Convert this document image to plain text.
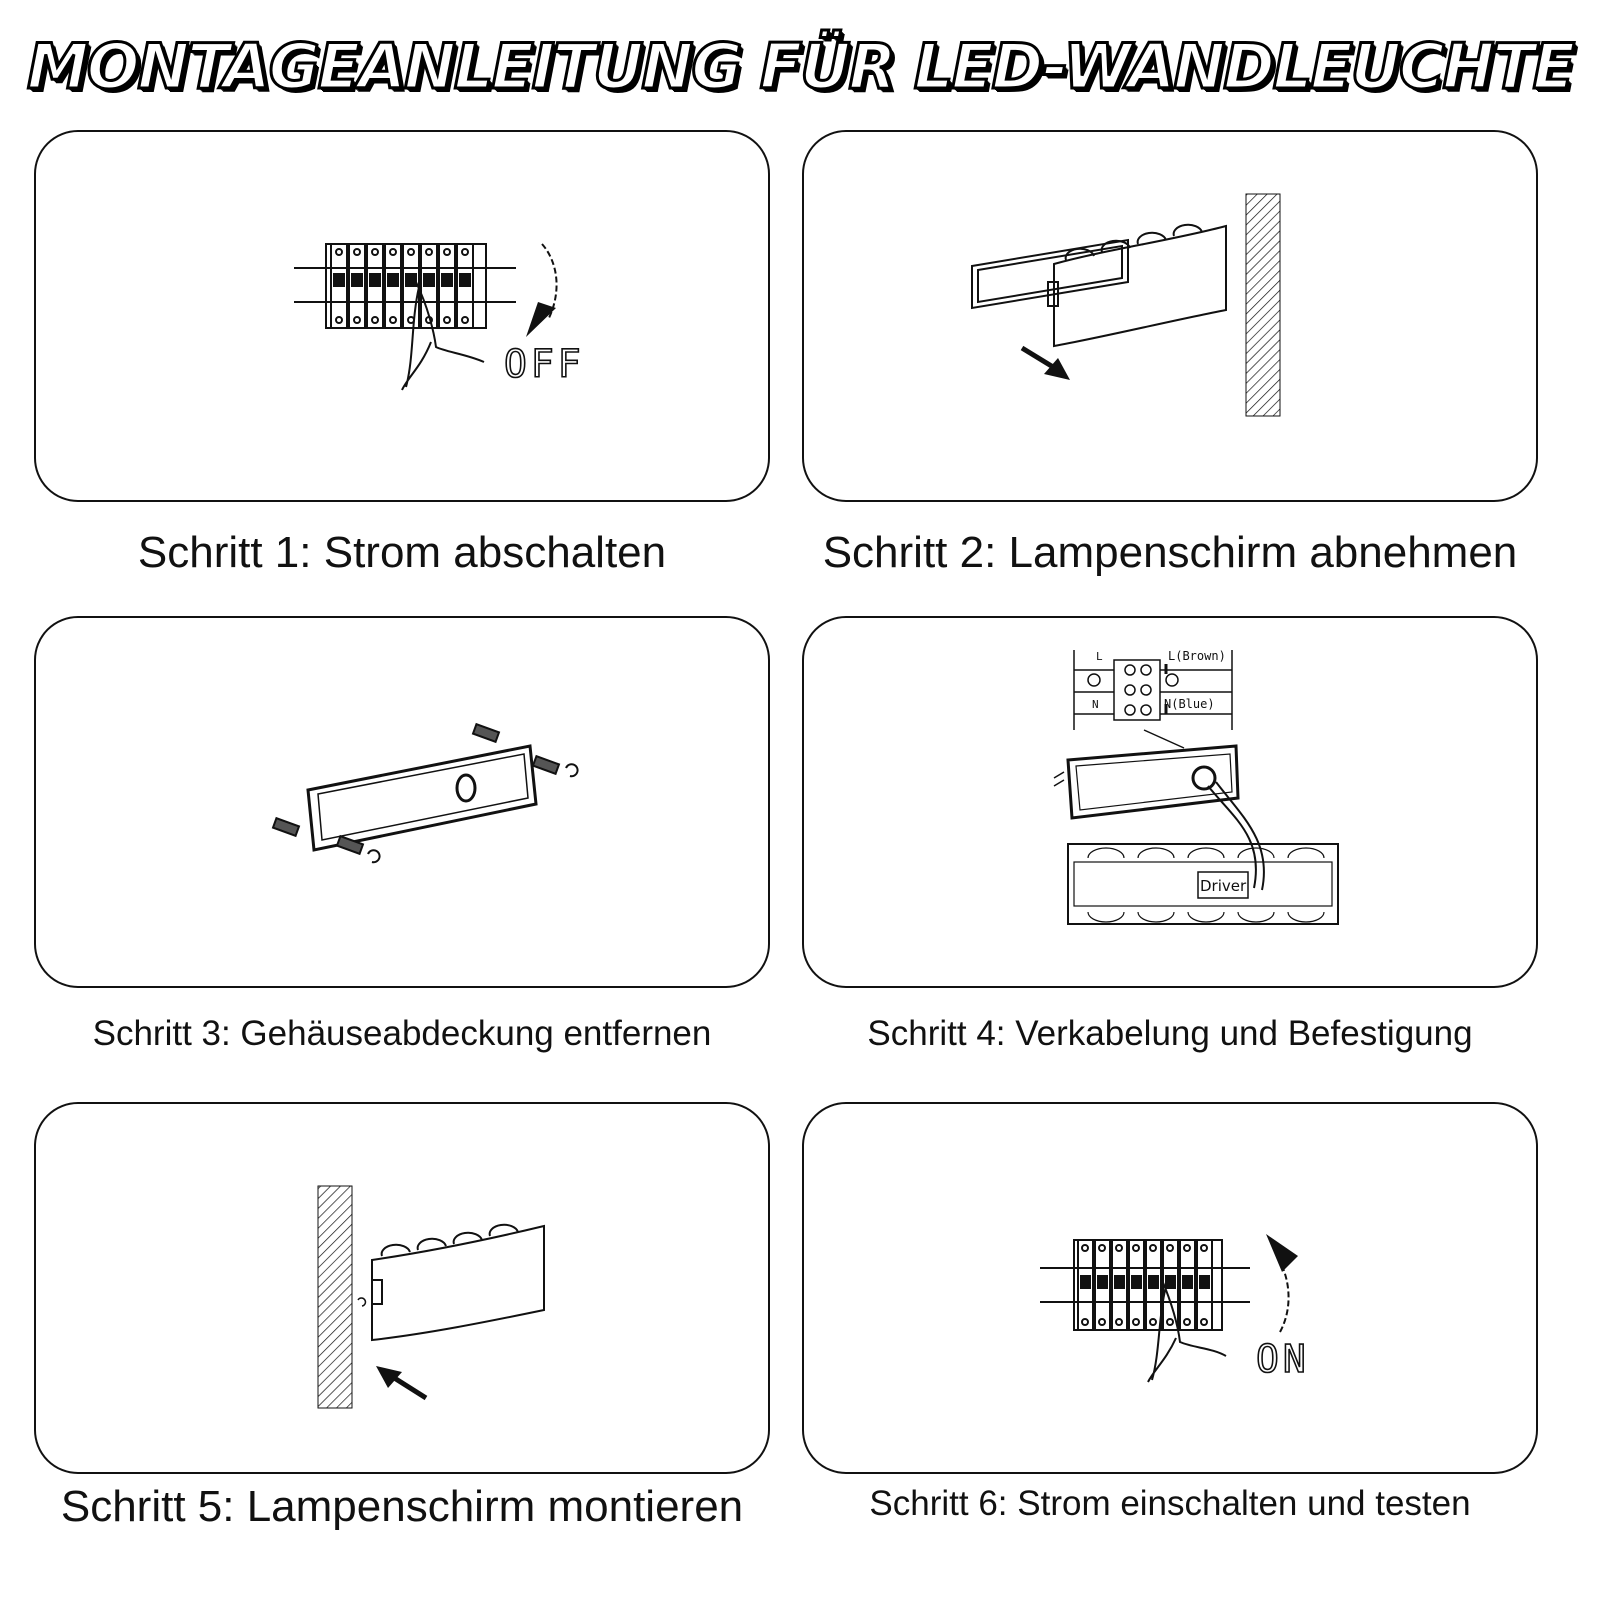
MONTAGEANLEITUNG FÜR LED-WANDLEUCHTE
OFF
Schritt 1: Strom abschalten	Schritt 2: Lampenschirm abnehmen
Schritt 3: Gehäuseabdeckung entfernen
L
N
L(Brown)
N(Blue)
Driver
Schritt 4: Verkabelung und Befestigung
Schritt 5: Lampenschirm montieren
ON
Schritt 6: Strom einschalten und testen
